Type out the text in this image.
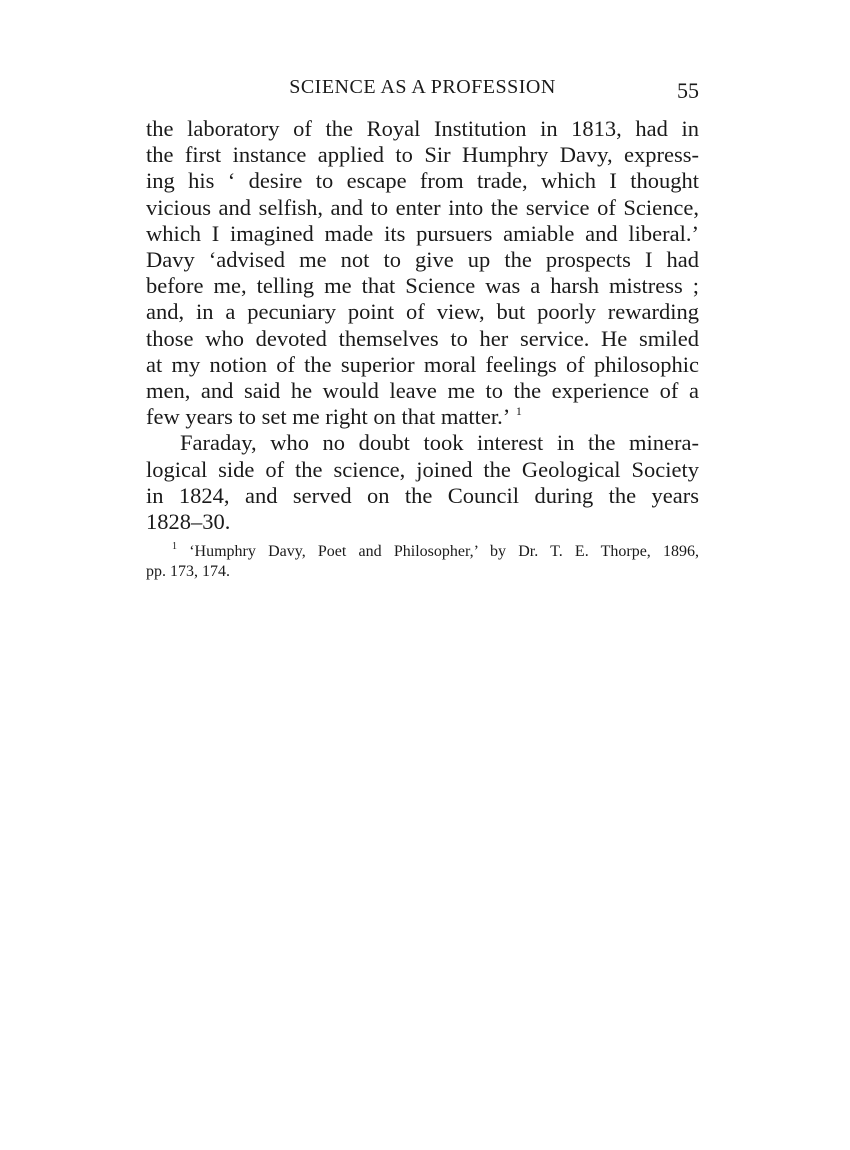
SCIENCE AS A PROFESSION	55
the laboratory of the Royal Institution in 1813, had in
the first instance applied to Sir Humphry Davy, express-
ing his ‘ desire to escape from trade, which I thought
vicious and selfish, and to enter into the service of Science,
which I imagined made its pursuers amiable and liberal.’
Davy ‘advised me not to give up the prospects I had
before me, telling me that Science was a harsh mistress ;
and, in a pecuniary point of view, but poorly rewarding
those who devoted themselves to her service. He smiled
at my notion of the superior moral feelings of philosophic
men, and said he would leave me to the experience of a
few years to set me right on that matter.’ $^1$
Faraday, who no doubt took interest in the minera-
logical side of the science, joined the Geological Society
in 1824, and served on the Council during the years
1828–30.
$^1$ ‘Humphry Davy, Poet and Philosopher,’ by Dr. T. E. Thorpe, 1896,
pp. 173, 174.
